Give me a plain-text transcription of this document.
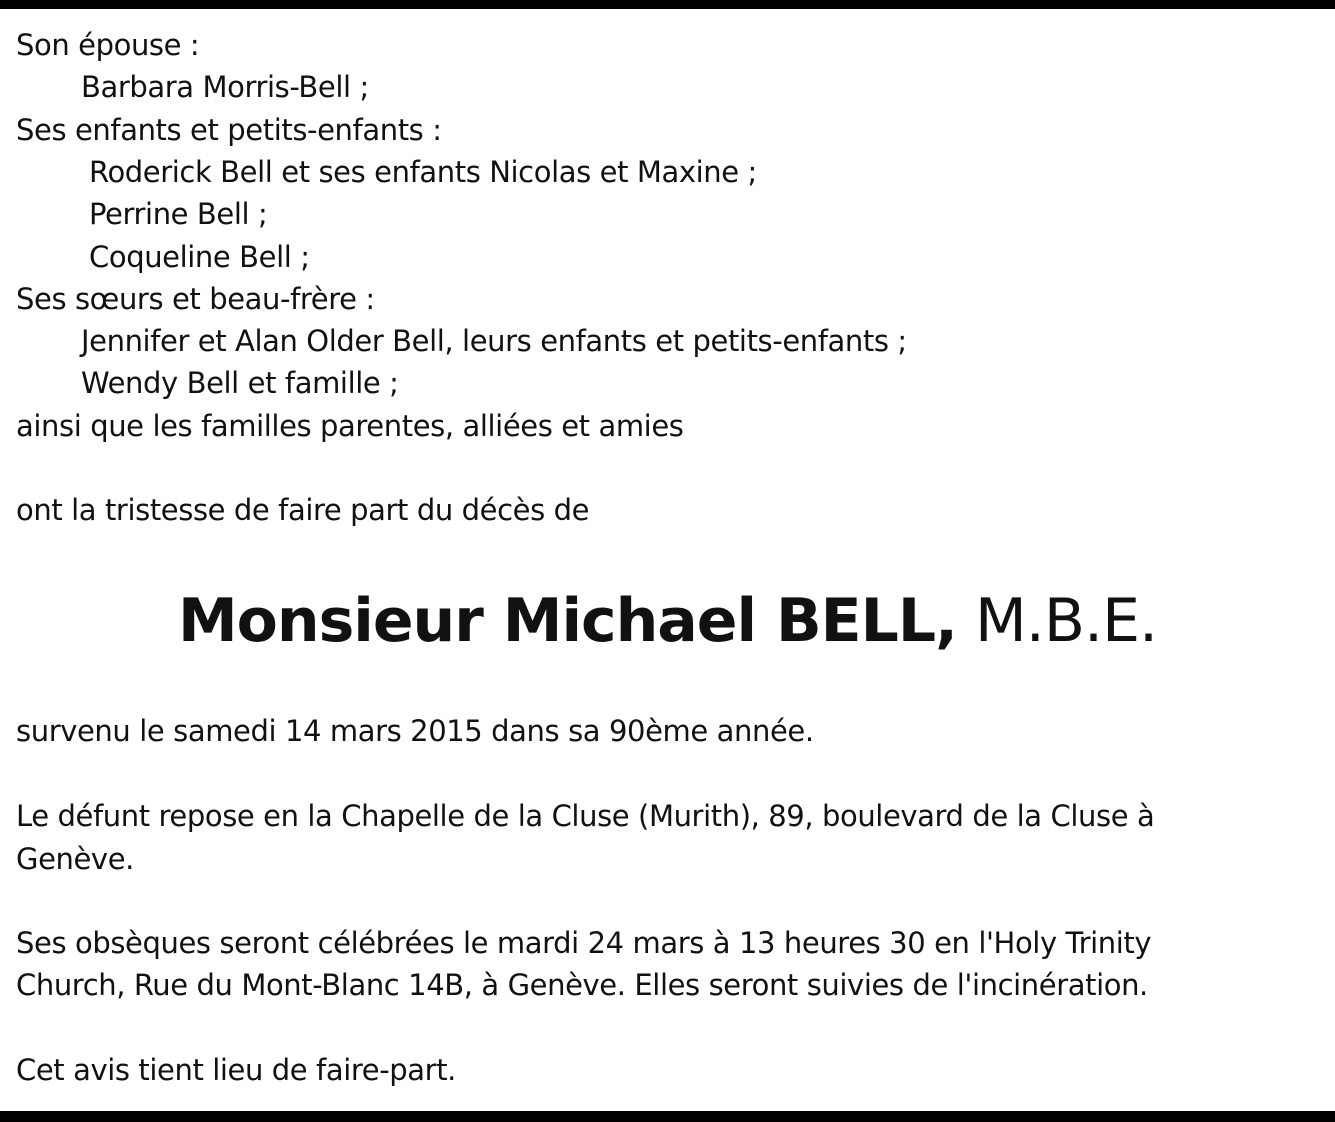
Son épouse :
Barbara Morris-Bell ;
Ses enfants et petits-enfants :
Roderick Bell et ses enfants Nicolas et Maxine ;
Perrine Bell ;
Coqueline Bell ;
Ses sœurs et beau-frère :
Jennifer et Alan Older Bell, leurs enfants et petits-enfants ;
Wendy Bell et famille ;
ainsi que les familles parentes, alliées et amies
ont la tristesse de faire part du décès de
Monsieur Michael BELL, M.B.E.
survenu le samedi 14 mars 2015 dans sa 90ème année.
Le défunt repose en la Chapelle de la Cluse (Murith), 89, boulevard de la Cluse à
Genève.
Ses obsèques seront célébrées le mardi 24 mars à 13 heures 30 en l'Holy Trinity
Church, Rue du Mont-Blanc 14B, à Genève. Elles seront suivies de l'incinération.
Cet avis tient lieu de faire-part.
